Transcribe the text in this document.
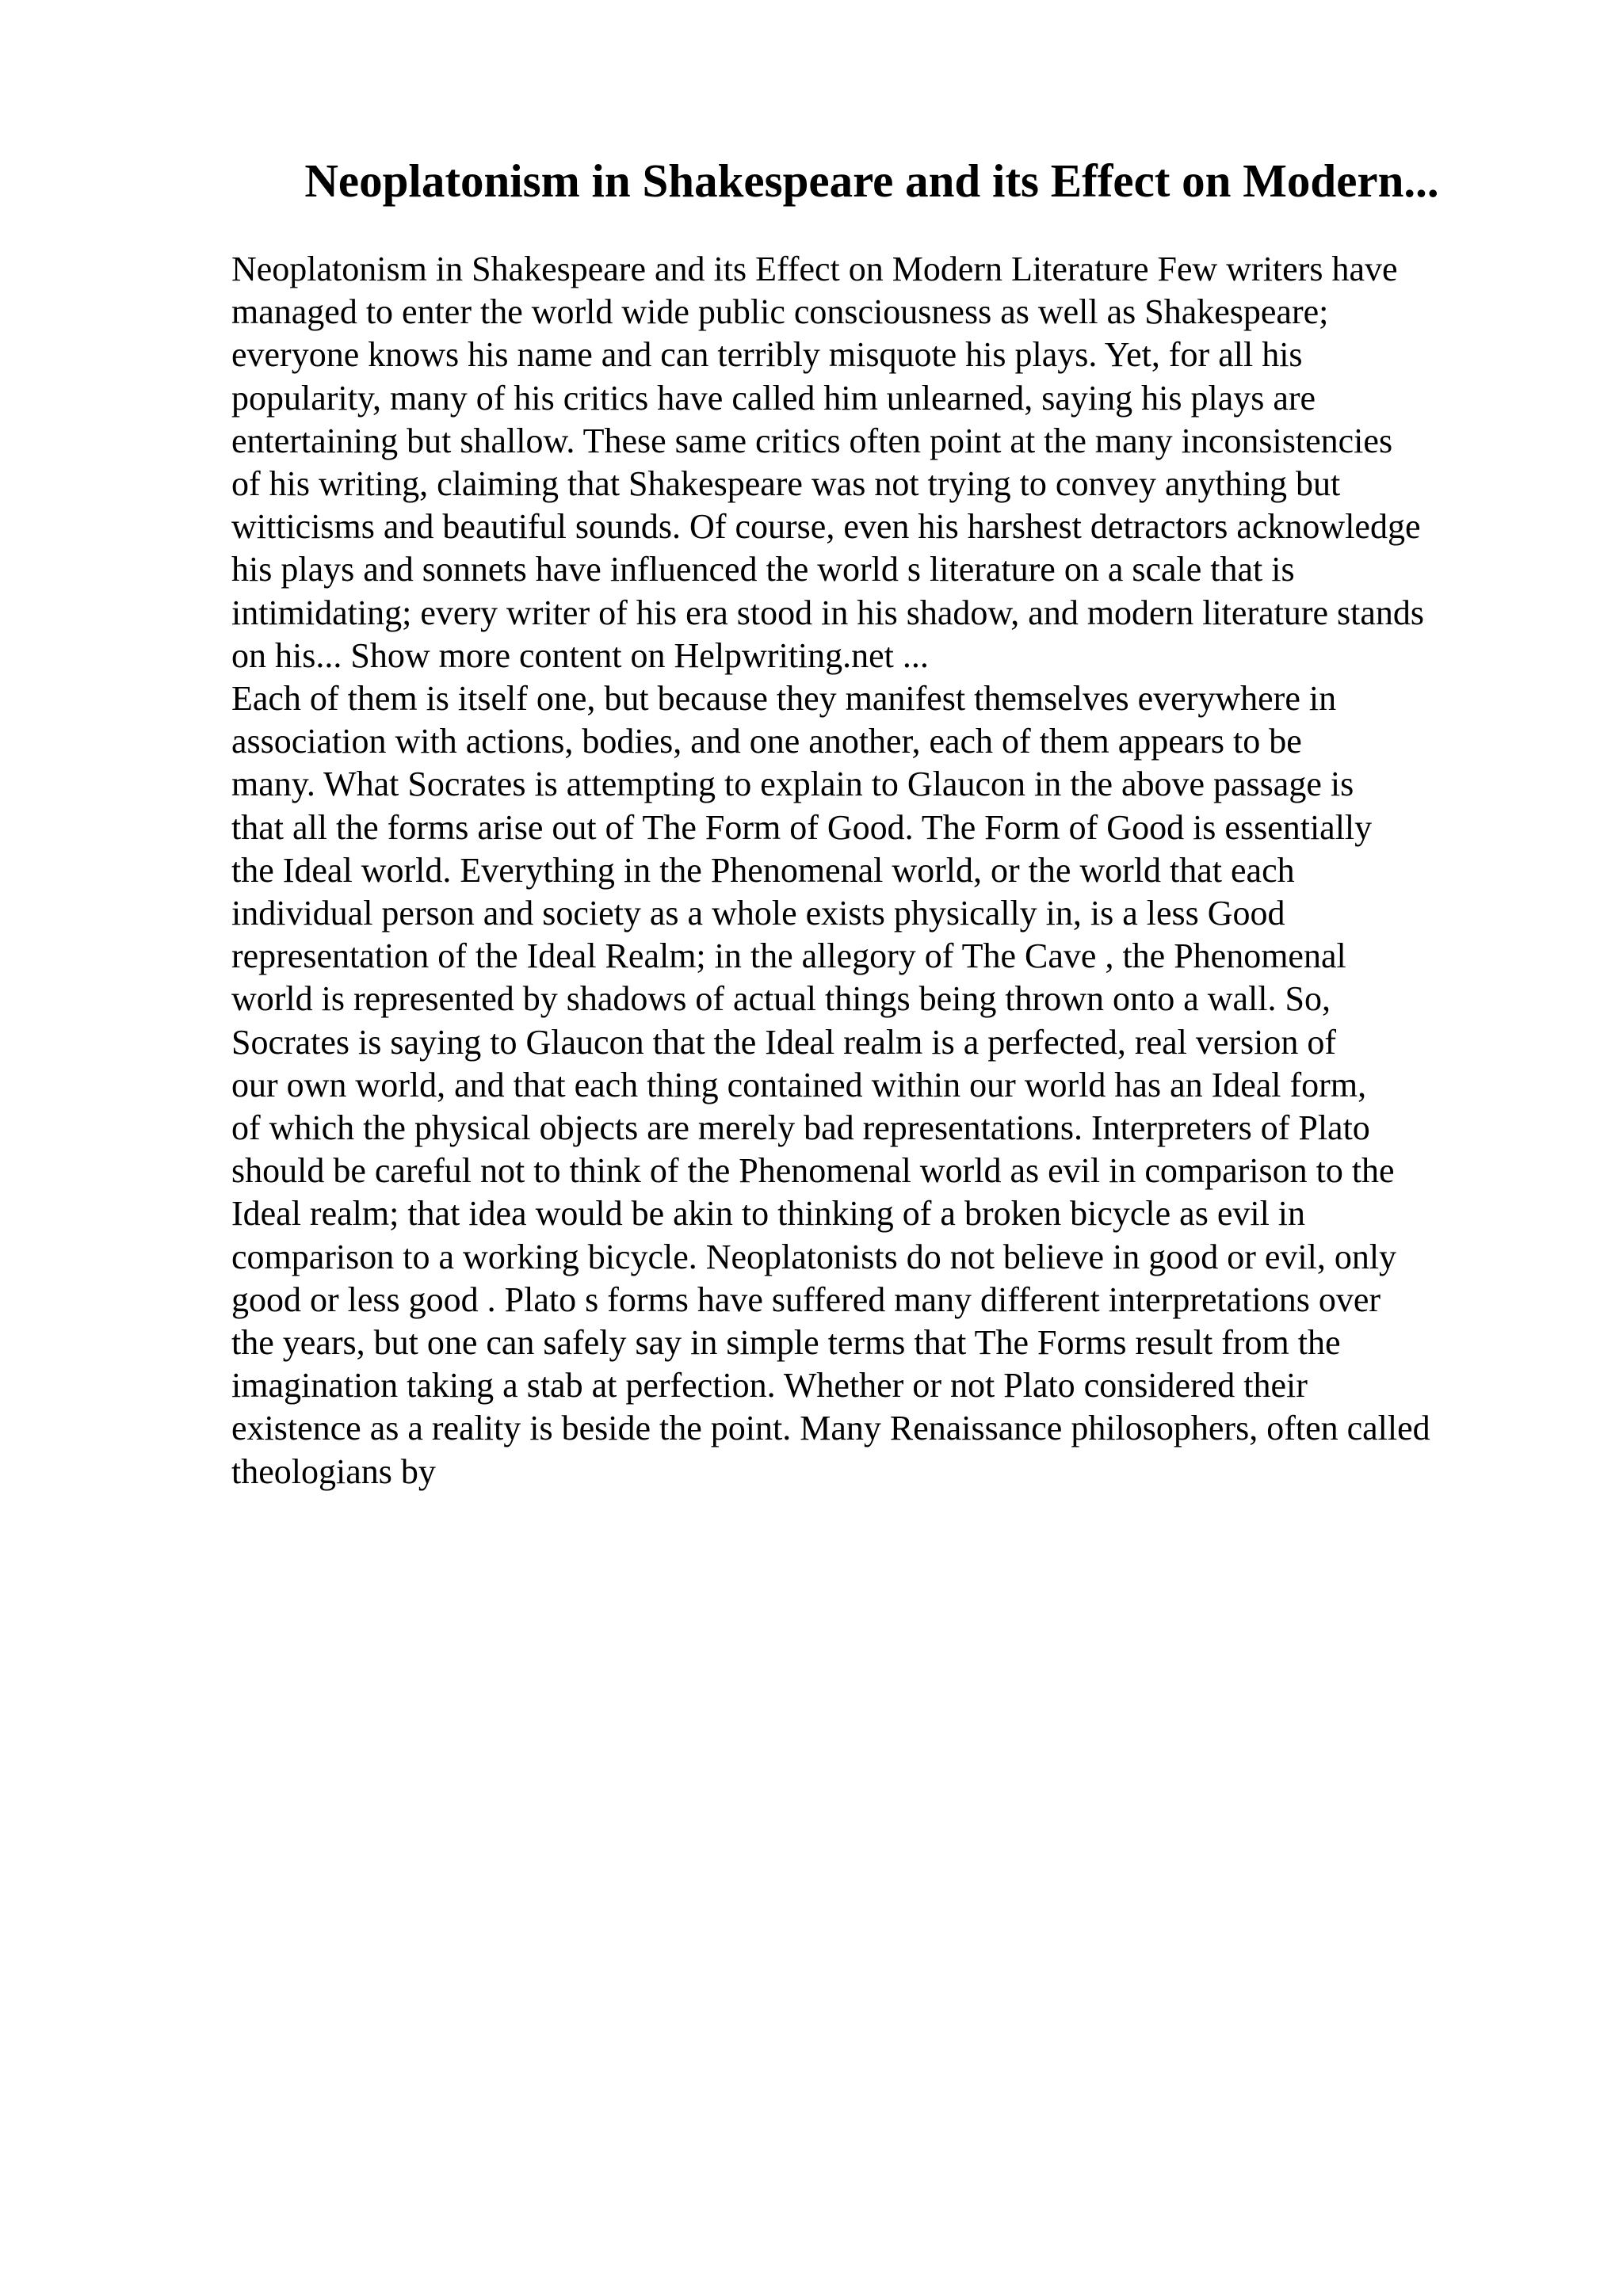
Neoplatonism in Shakespeare and its Effect on Modern...
Neoplatonism in Shakespeare and its Effect on Modern Literature Few writers have
managed to enter the world wide public consciousness as well as Shakespeare;
everyone knows his name and can terribly misquote his plays. Yet, for all his
popularity, many of his critics have called him unlearned, saying his plays are
entertaining but shallow. These same critics often point at the many inconsistencies
of his writing, claiming that Shakespeare was not trying to convey anything but
witticisms and beautiful sounds. Of course, even his harshest detractors acknowledge
his plays and sonnets have influenced the world s literature on a scale that is
intimidating; every writer of his era stood in his shadow, and modern literature stands
on his... Show more content on Helpwriting.net ...
Each of them is itself one, but because they manifest themselves everywhere in
association with actions, bodies, and one another, each of them appears to be
many. What Socrates is attempting to explain to Glaucon in the above passage is
that all the forms arise out of The Form of Good. The Form of Good is essentially
the Ideal world. Everything in the Phenomenal world, or the world that each
individual person and society as a whole exists physically in, is a less Good
representation of the Ideal Realm; in the allegory of The Cave , the Phenomenal
world is represented by shadows of actual things being thrown onto a wall. So,
Socrates is saying to Glaucon that the Ideal realm is a perfected, real version of
our own world, and that each thing contained within our world has an Ideal form,
of which the physical objects are merely bad representations. Interpreters of Plato
should be careful not to think of the Phenomenal world as evil in comparison to the
Ideal realm; that idea would be akin to thinking of a broken bicycle as evil in
comparison to a working bicycle. Neoplatonists do not believe in good or evil, only
good or less good . Plato s forms have suffered many different interpretations over
the years, but one can safely say in simple terms that The Forms result from the
imagination taking a stab at perfection. Whether or not Plato considered their
existence as a reality is beside the point. Many Renaissance philosophers, often called
theologians by
